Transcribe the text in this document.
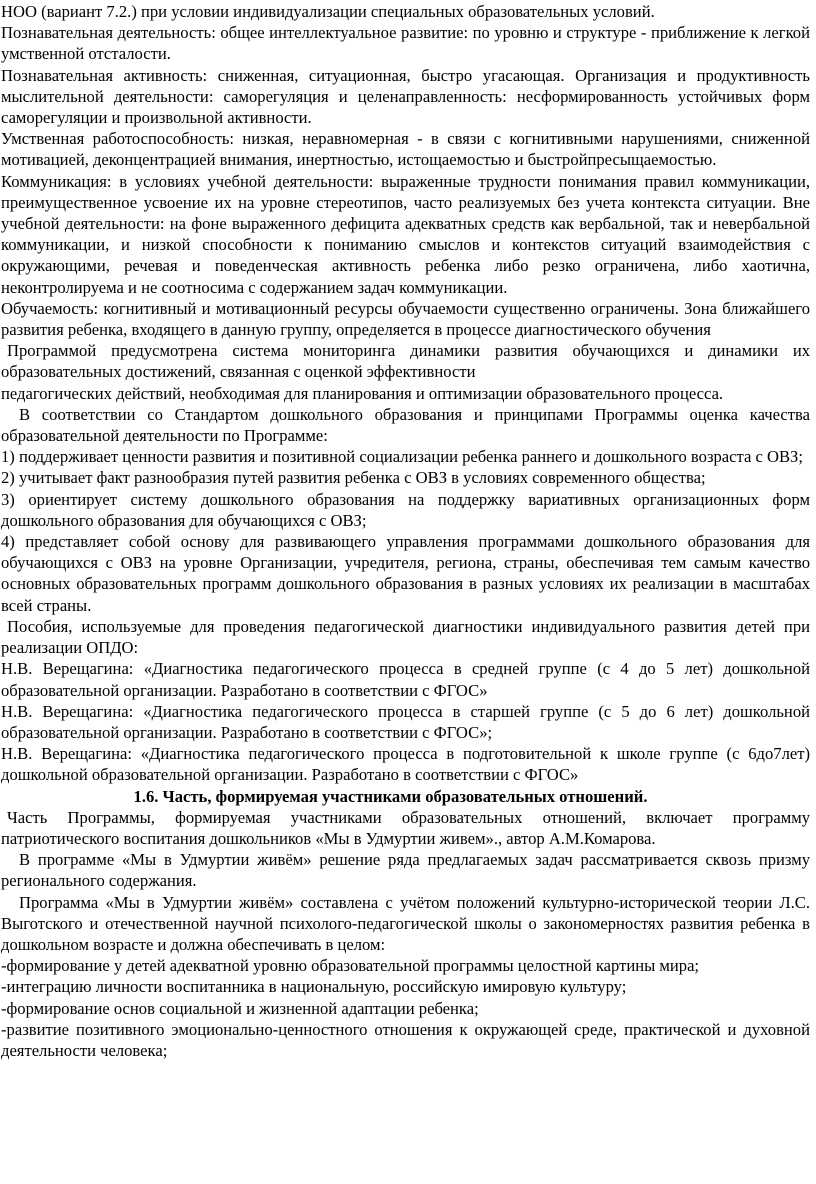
НОО (вариант 7.2.) при условии индивидуализации специальных образовательных условий.

Познавательная деятельность: общее интеллектуальное развитие: по уровню и структуре - приближение к легкой умственной отсталости.

Познавательная активность: сниженная, ситуационная, быстро угасающая. Организация и продуктивность мыслительной деятельности: саморегуляция и целенаправленность: несформированность устойчивых форм саморегуляции и произвольной активности.

Умственная работоспособность: низкая, неравномерная - в связи с когнитивными нарушениями, сниженной мотивацией, деконцентрацией внимания, инертностью, истощаемостью и быстройпресыщаемостью.

Коммуникация: в условиях учебной деятельности: выраженные трудности понимания правил коммуникации, преимущественное усвоение их на уровне стереотипов, часто реализуемых без учета контекста ситуации. Вне учебной деятельности: на фоне выраженного дефицита адекватных средств как вербальной, так и невербальной коммуникации, и низкой способности к пониманию смыслов и контекстов ситуаций взаимодействия с окружающими, речевая и поведенческая активность ребенка либо резко ограничена, либо хаотична, неконтролируема и не соотносима с содержанием задач коммуникации.

Обучаемость: когнитивный и мотивационный ресурсы обучаемости существенно ограничены. Зона ближайшего развития ребенка, входящего в данную группу, определяется в процессе диагностического обучения

Программой предусмотрена система мониторинга динамики развития обучающихся и динамики их образовательных достижений, связанная с оценкой эффективности

педагогических действий, необходимая для планирования и оптимизации образовательного процесса.

В соответствии со Стандартом дошкольного образования и принципами Программы оценка качества образовательной деятельности по Программе:

1) поддерживает ценности развития и позитивной социализации ребенка раннего и дошкольного возраста с ОВЗ;

2) учитывает факт разнообразия путей развития ребенка с ОВЗ в условиях современного общества;

3) ориентирует систему дошкольного образования на поддержку вариативных организационных форм дошкольного образования для обучающихся с ОВЗ;

4) представляет собой основу для развивающего управления программами дошкольного образования для обучающихся с ОВЗ на уровне Организации, учредителя, региона, страны, обеспечивая тем самым качество основных образовательных программ дошкольного образования в разных условиях их реализации в масштабах всей страны.

Пособия, используемые для проведения педагогической диагностики индивидуального развития детей при реализации ОПДО:

Н.В. Верещагина: «Диагностика педагогического процесса в средней группе (с 4 до 5 лет) дошкольной образовательной организации. Разработано в соответствии с ФГОС»

Н.В. Верещагина: «Диагностика педагогического процесса в старшей группе (с 5 до 6 лет) дошкольной образовательной организации. Разработано в соответствии с ФГОС»;

Н.В. Верещагина: «Диагностика педагогического процесса в подготовительной к школе группе (с 6до7лет) дошкольной образовательной организации. Разработано в соответствии с ФГОС»

1.6. Часть, формируемая участниками образовательных отношений.

Часть Программы, формируемая участниками образовательных отношений, включает программу патриотического воспитания дошкольников «Мы в Удмуртии живем»., автор А.М.Комарова.

В программе «Мы в Удмуртии живём» решение ряда предлагаемых задач рассматривается сквозь призму регионального содержания.

Программа «Мы в Удмуртии живём» составлена с учётом положений культурно-исторической теории Л.С. Выготского и отечественной научной психолого-педагогической школы о закономерностях развития ребенка в дошкольном возрасте и должна обеспечивать в целом:

-формирование у детей адекватной уровню образовательной программы целостной картины мира;

-интеграцию личности воспитанника в национальную, российскую имировую культуру;

-формирование основ социальной и жизненной адаптации ребенка;

-развитие позитивного эмоционально-ценностного отношения к окружающей среде, практической и духовной деятельности человека;
